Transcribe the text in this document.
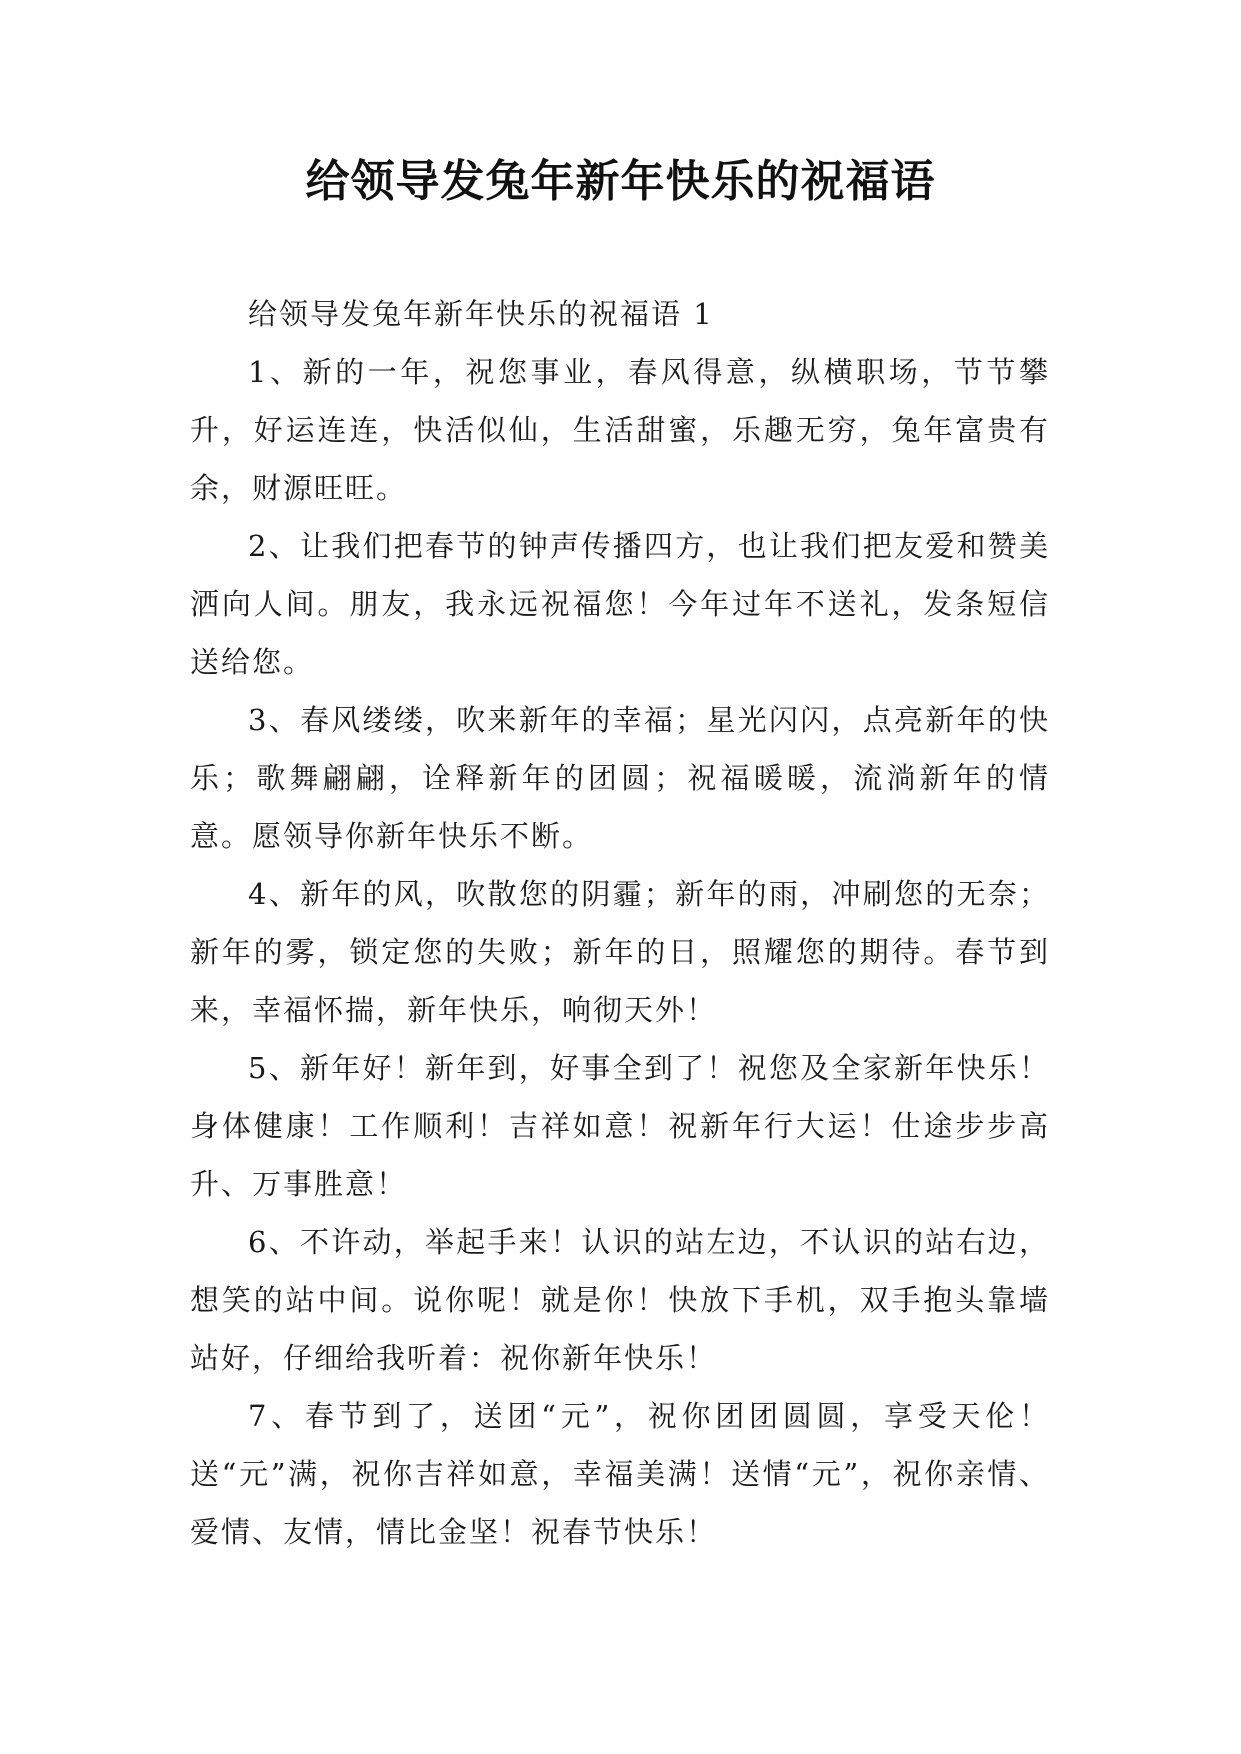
给领导发兔年新年快乐的祝福语

给领导发兔年新年快乐的祝福语 1

1、新的一年，祝您事业，春风得意，纵横职场，节节攀升，好运连连，快活似仙，生活甜蜜，乐趣无穷，兔年富贵有余，财源旺旺。

2、让我们把春节的钟声传播四方，也让我们把友爱和赞美洒向人间。朋友，我永远祝福您！今年过年不送礼，发条短信送给您。

3、春风缕缕，吹来新年的幸福；星光闪闪，点亮新年的快乐；歌舞翩翩，诠释新年的团圆；祝福暖暖，流淌新年的情意。愿领导你新年快乐不断。

4、新年的风，吹散您的阴霾；新年的雨，冲刷您的无奈；新年的雾，锁定您的失败；新年的日，照耀您的期待。春节到来，幸福怀揣，新年快乐，响彻天外！

5、新年好！新年到，好事全到了！祝您及全家新年快乐！身体健康！工作顺利！吉祥如意！祝新年行大运！仕途步步高升、万事胜意！

6、不许动，举起手来！认识的站左边，不认识的站右边，想笑的站中间。说你呢！就是你！快放下手机，双手抱头靠墙站好，仔细给我听着：祝你新年快乐！

7、春节到了，送团“元”，祝你团团圆圆，享受天伦！送“元”满，祝你吉祥如意，幸福美满！送情“元”，祝你亲情、爱情、友情，情比金坚！祝春节快乐！
